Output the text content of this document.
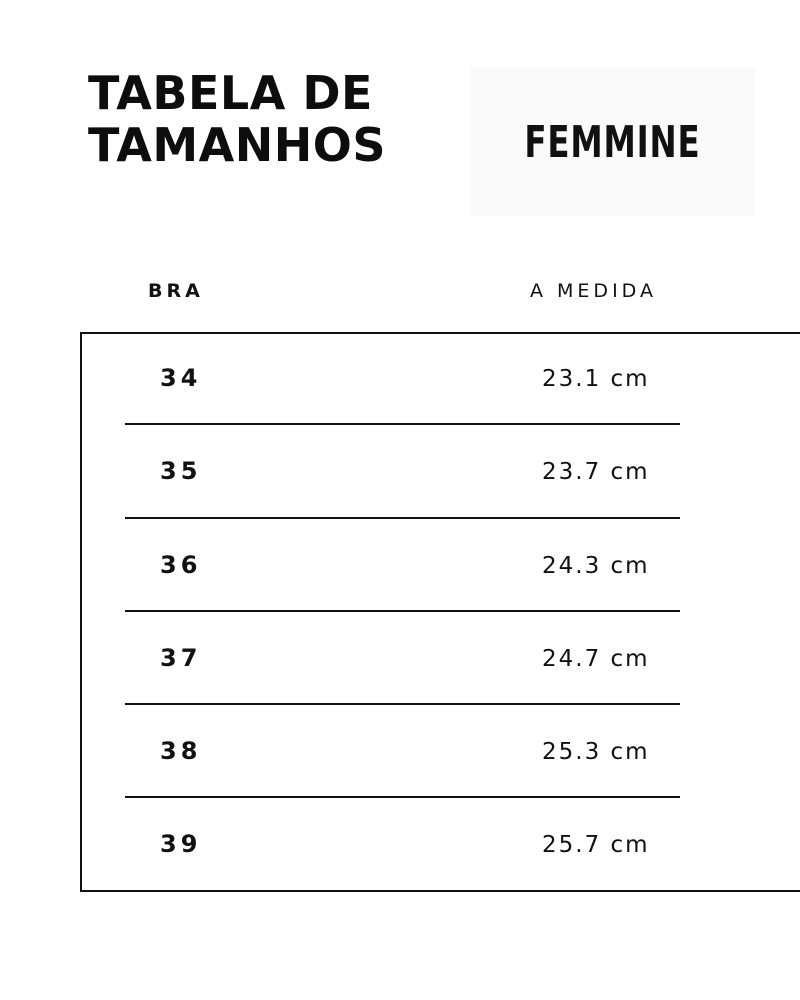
TABELA DE TAMANHOS	FEMMINE
BRA	A MEDIDA
34	23.1 cm
35	23.7 cm
36	24.3 cm
37	24.7 cm
38	25.3 cm
39	25.7 cm
